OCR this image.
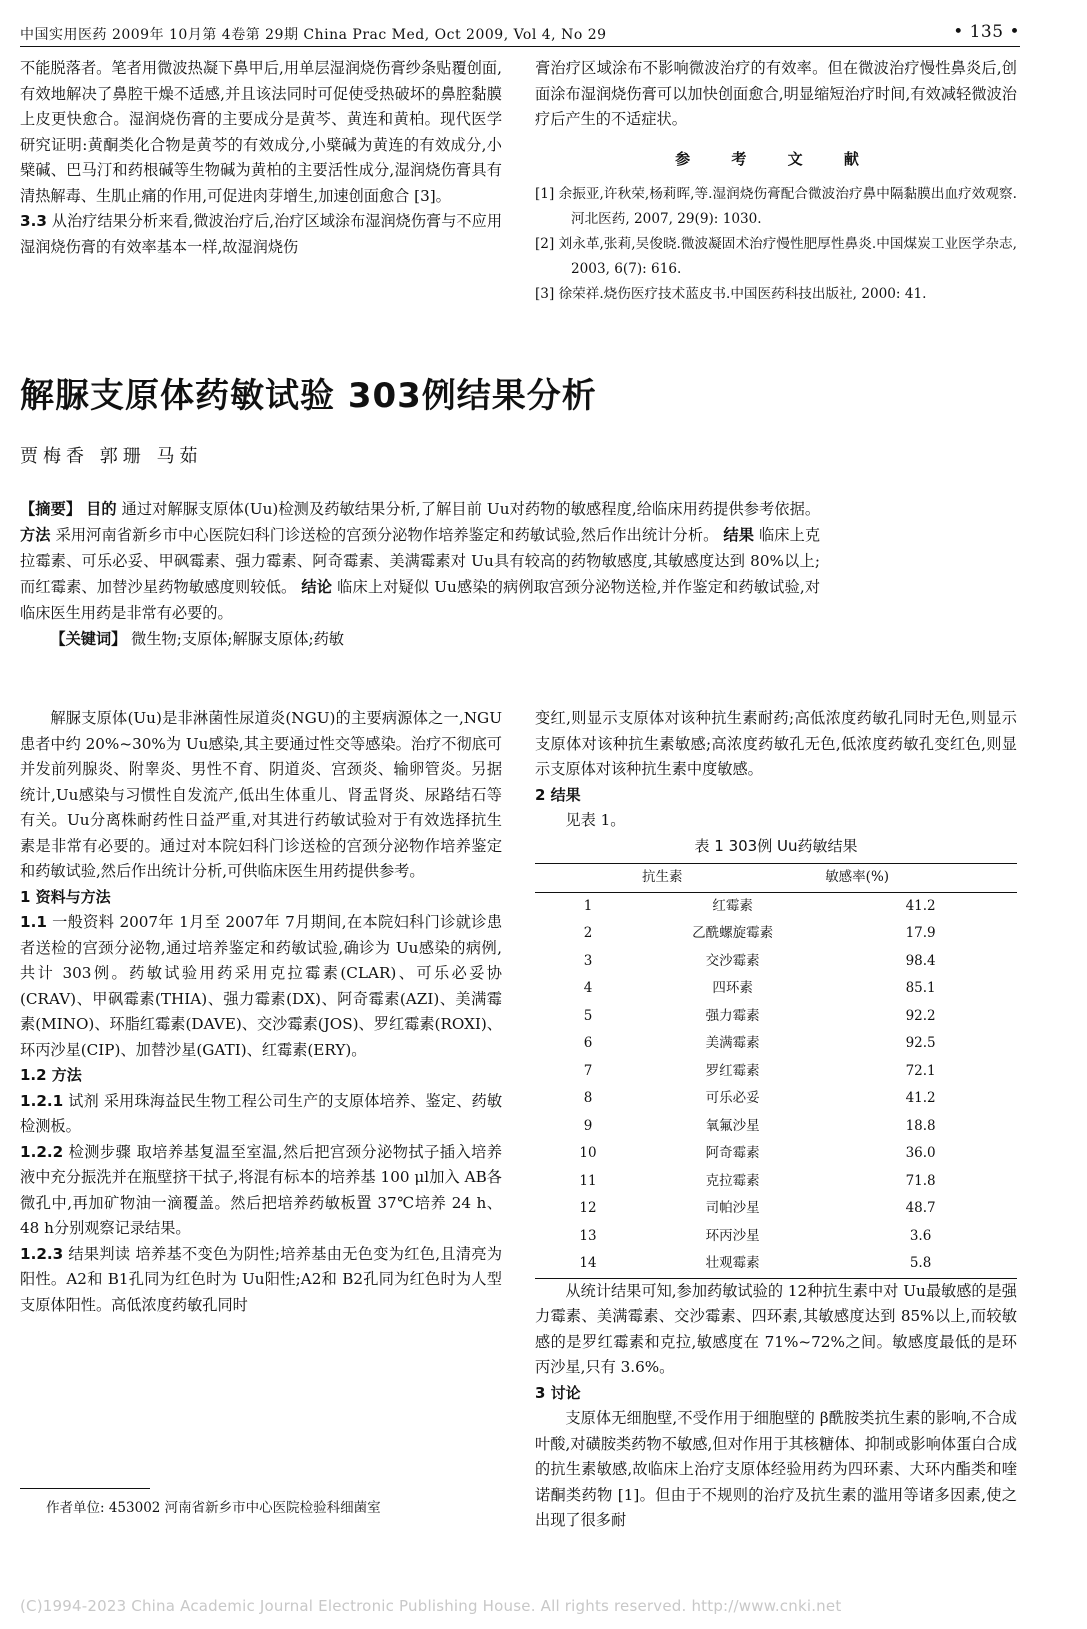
中国实用医药 2009年 10月第 4卷第 29期 China Prac Med, Oct 2009, Vol 4, No 29	• 135 •

不能脱落者。笔者用微波热凝下鼻甲后,用单层湿润烧伤膏纱条贴覆创面,有效地解决了鼻腔干燥不适感,并且该法同时可促使受热破坏的鼻腔黏膜上皮更快愈合。湿润烧伤膏的主要成分是黄芩、黄连和黄柏。现代医学研究证明:黄酮类化合物是黄芩的有效成分,小檗碱为黄连的有效成分,小檗碱、巴马汀和药根碱等生物碱为黄柏的主要活性成分,湿润烧伤膏具有清热解毒、生肌止痛的作用,可促进肉芽增生,加速创面愈合 [3]。

3.3 从治疗结果分析来看,微波治疗后,治疗区域涂布湿润烧伤膏与不应用湿润烧伤膏的有效率基本一样,故湿润烧伤

膏治疗区域涂布不影响微波治疗的有效率。但在微波治疗慢性鼻炎后,创面涂布湿润烧伤膏可以加快创面愈合,明显缩短治疗时间,有效减轻微波治疗后产生的不适症状。

参 考 文 献

[1] 余振亚,许秋荣,杨莉晖,等.湿润烧伤膏配合微波治疗鼻中隔黏膜出血疗效观察.河北医药, 2007, 29(9): 1030.

[2] 刘永革,张莉,吴俊晓.微波凝固术治疗慢性肥厚性鼻炎.中国煤炭工业医学杂志, 2003, 6(7): 616.

[3] 徐荣祥.烧伤医疗技术蓝皮书.中国医药科技出版社, 2000: 41.

解脲支原体药敏试验 303例结果分析
贾梅香 郭珊 马茹

【摘要】 目的 通过对解脲支原体(Uu)检测及药敏结果分析,了解目前 Uu对药物的敏感程度,给临床用药提供参考依据。 方法 采用河南省新乡市中心医院妇科门诊送检的宫颈分泌物作培养鉴定和药敏试验,然后作出统计分析。 结果 临床上克拉霉素、可乐必妥、甲砜霉素、强力霉素、阿奇霉素、美满霉素对 Uu具有较高的药物敏感度,其敏感度达到 80%以上;而红霉素、加替沙星药物敏感度则较低。 结论 临床上对疑似 Uu感染的病例取宫颈分泌物送检,并作鉴定和药敏试验,对临床医生用药是非常有必要的。

【关键词】 微生物;支原体;解脲支原体;药敏

解脲支原体(Uu)是非淋菌性尿道炎(NGU)的主要病源体之一,NGU患者中约 20%~30%为 Uu感染,其主要通过性交等感染。治疗不彻底可并发前列腺炎、附睾炎、男性不育、阴道炎、宫颈炎、输卵管炎。另据统计,Uu感染与习惯性自发流产,低出生体重儿、肾盂肾炎、尿路结石等有关。Uu分离株耐药性日益严重,对其进行药敏试验对于有效选择抗生素是非常有必要的。通过对本院妇科门诊送检的宫颈分泌物作培养鉴定和药敏试验,然后作出统计分析,可供临床医生用药提供参考。

1 资料与方法

1.1 一般资料 2007年 1月至 2007年 7月期间,在本院妇科门诊就诊患者送检的宫颈分泌物,通过培养鉴定和药敏试验,确诊为 Uu感染的病例,共计 303例。药敏试验用药采用克拉霉素(CLAR)、可乐必妥协(CRAV)、甲砜霉素(THIA)、强力霉素(DX)、阿奇霉素(AZI)、美满霉素(MINO)、环脂红霉素(DAVE)、交沙霉素(JOS)、罗红霉素(ROXI)、环丙沙星(CIP)、加替沙星(GATI)、红霉素(ERY)。

1.2 方法

1.2.1 试剂 采用珠海益民生物工程公司生产的支原体培养、鉴定、药敏检测板。

1.2.2 检测步骤 取培养基复温至室温,然后把宫颈分泌物拭子插入培养液中充分振洗并在瓶壁挤干拭子,将混有标本的培养基 100 μl加入 AB各微孔中,再加矿物油一滴覆盖。然后把培养药敏板置 37℃培养 24 h、48 h分别观察记录结果。

1.2.3 结果判读 培养基不变色为阴性;培养基由无色变为红色,且清亮为阳性。A2和 B1孔同为红色时为 Uu阳性;A2和 B2孔同为红色时为人型支原体阳性。高低浓度药敏孔同时

变红,则显示支原体对该种抗生素耐药;高低浓度药敏孔同时无色,则显示支原体对该种抗生素敏感;高浓度药敏孔无色,低浓度药敏孔变红色,则显示支原体对该种抗生素中度敏感。

2 结果

见表 1。

表 1 303例 Uu药敏结果

	抗生素	敏感率(%)
1	红霉素	41.2
2	乙酰螺旋霉素	17.9
3	交沙霉素	98.4
4	四环素	85.1
5	强力霉素	92.2
6	美满霉素	92.5
7	罗红霉素	72.1
8	可乐必妥	41.2
9	氧氟沙星	18.8
10	阿奇霉素	36.0
11	克拉霉素	71.8
12	司帕沙星	48.7
13	环丙沙星	3.6
14	壮观霉素	5.8

从统计结果可知,参加药敏试验的 12种抗生素中对 Uu最敏感的是强力霉素、美满霉素、交沙霉素、四环素,其敏感度达到 85%以上,而较敏感的是罗红霉素和克拉,敏感度在 71%~72%之间。敏感度最低的是环丙沙星,只有 3.6%。

3 讨论

支原体无细胞壁,不受作用于细胞壁的 β酰胺类抗生素的影响,不合成叶酸,对磺胺类药物不敏感,但对作用于其核糖体、抑制或影响体蛋白合成的抗生素敏感,故临床上治疗支原体经验用药为四环素、大环内酯类和喹诺酮类药物 [1]。但由于不规则的治疗及抗生素的滥用等诸多因素,使之出现了很多耐

作者单位: 453002 河南省新乡市中心医院检验科细菌室
(C)1994-2023 China Academic Journal Electronic Publishing House. All rights reserved. http://www.cnki.net
